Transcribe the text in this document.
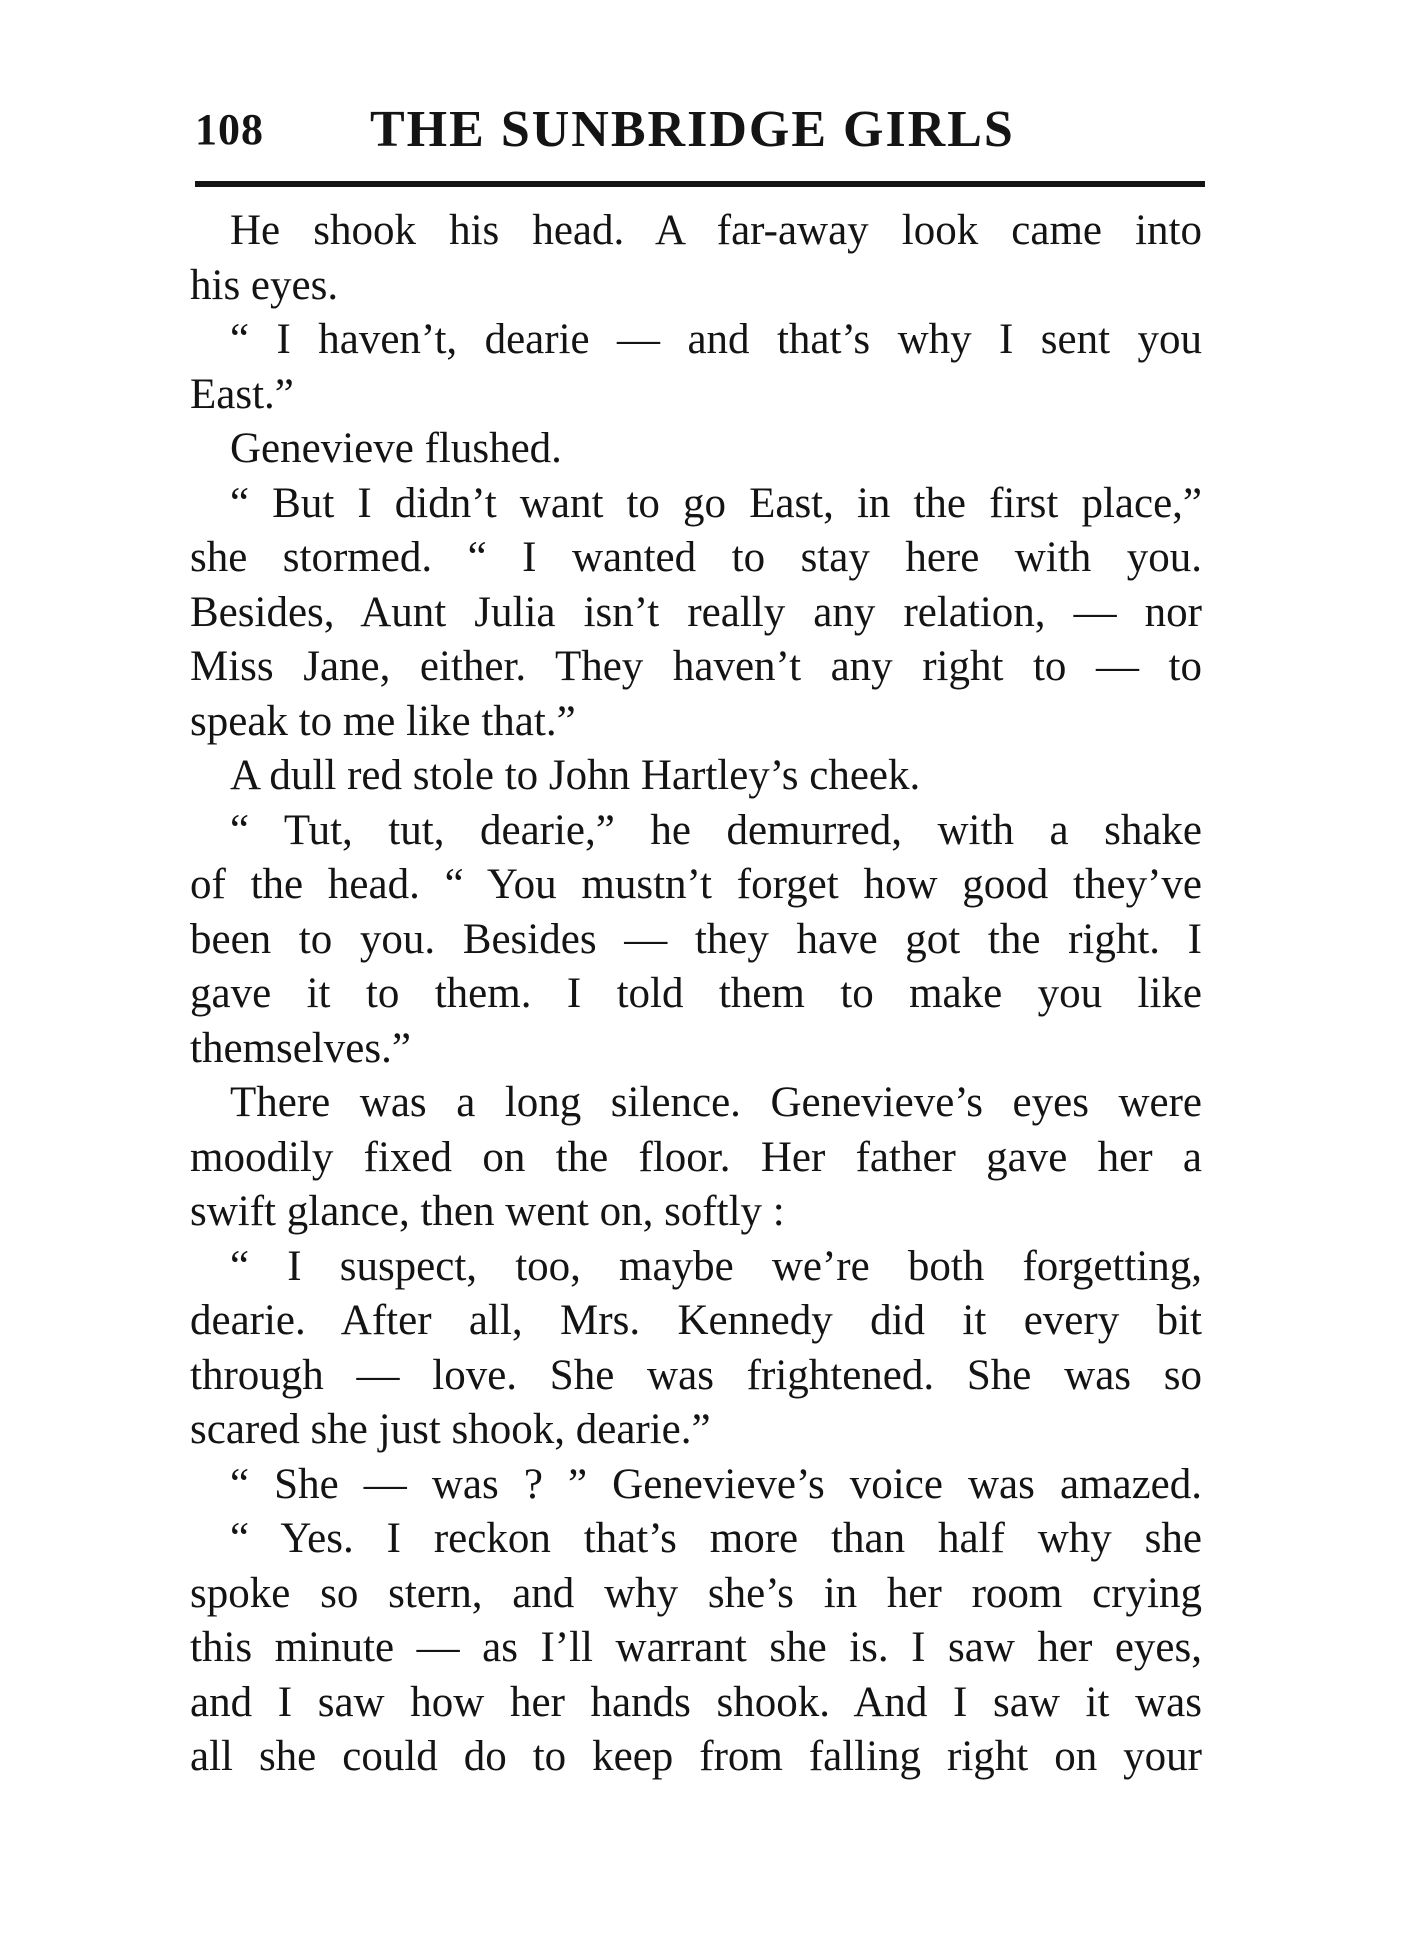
108 THE SUNBRIDGE GIRLS
He shook his head. A far-away look came into
his eyes.
“ I haven’t, dearie — and that’s why I sent you
East.”
Genevieve flushed.
“ But I didn’t want to go East, in the first place,”
she stormed. “ I wanted to stay here with you.
Besides, Aunt Julia isn’t really any relation, — nor
Miss Jane, either. They haven’t any right to — to
speak to me like that.”
A dull red stole to John Hartley’s cheek.
“ Tut, tut, dearie,” he demurred, with a shake
of the head. “ You mustn’t forget how good they’ve
been to you. Besides — they have got the right. I
gave it to them. I told them to make you like
themselves.”
There was a long silence. Genevieve’s eyes were
moodily fixed on the floor. Her father gave her a
swift glance, then went on, softly :
“ I suspect, too, maybe we’re both forgetting,
dearie. After all, Mrs. Kennedy did it every bit
through — love. She was frightened. She was so
scared she just shook, dearie.”
“ She — was ? ” Genevieve’s voice was amazed.
“ Yes. I reckon that’s more than half why she
spoke so stern, and why she’s in her room crying
this minute — as I’ll warrant she is. I saw her eyes,
and I saw how her hands shook. And I saw it was
all she could do to keep from falling right on your
